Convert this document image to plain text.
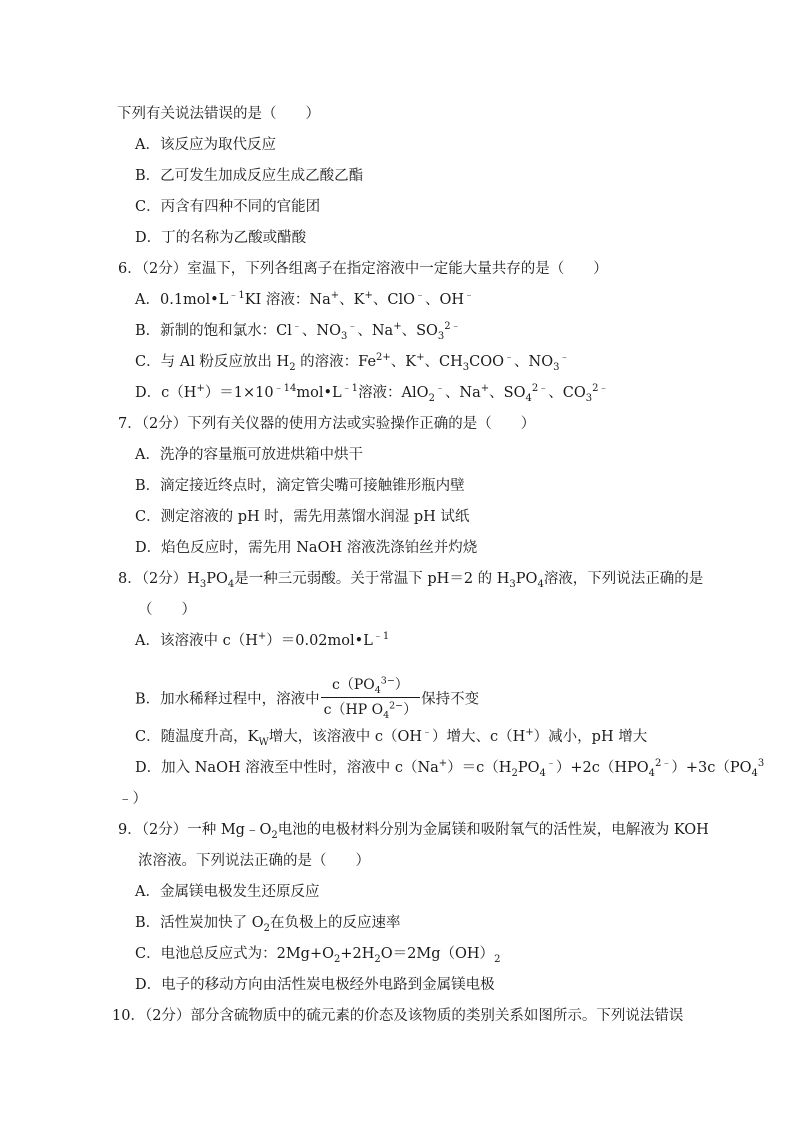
下列有关说法错误的是（　　）
A．该反应为取代反应
B．乙可发生加成反应生成乙酸乙酯
C．丙含有四种不同的官能团
D．丁的名称为乙酸或醋酸
6．（2分）室温下，下列各组离子在指定溶液中一定能大量共存的是（　　）
A．$0.1mol•L^{﹣1}KI$ 溶液：Na+、K+、ClO﹣、OH﹣
B．新制的饱和氯水：Cl﹣、$NO_3^﹣$、Na+、$SO_3^{2﹣}$
C．与 Al 粉反应放出 $H_2$ 的溶液：$Fe^{2+}$、K+、$CH_3COO^﹣$、$NO_3^﹣$
D．$c(H^+)=1\times 10^{﹣14}mol•L^{﹣1}$溶液：AlO$_2$﹣、Na+、$SO_4^{2﹣}$、$CO_3^{2﹣}$
7．（2分）下列有关仪器的使用方法或实验操作正确的是（　　）
A．洗净的容量瓶可放进烘箱中烘干
B．滴定接近终点时，滴定管尖嘴可接触锥形瓶内壁
C．测定溶液的 pH 时，需先用蒸馏水润湿 pH 试纸
D．焰色反应时，需先用 NaOH 溶液洗涤铂丝并灼烧
8．（2分）$H_3PO_4$是一种三元弱酸。关于常温下 pH＝2 的 $H_3PO_4$溶液，下列说法正确的是
（　　）
A．该溶液中 $c(H^+)=0.02mol•L^{﹣1}$
B．加水稀释过程中，溶液中 $\frac{c(PO_4^{3-})}{c(HP O_4^{2-})}$ 保持不变
C．随温度升高，$K_W$增大，该溶液中 c（OH﹣）增大、c（H+）减小，pH 增大
D．加入 NaOH 溶液至中性时，溶液中 $c(Na^+)=c(H_2PO_4^﹣)+2c(HPO_4^{2﹣})+3c(PO_4^3$
﹣）
9．（2分）一种 $Mg﹣O_2$电池的电极材料分别为金属镁和吸附氧气的活性炭，电解液为 KOH
浓溶液。下列说法正确的是（　　）
A．金属镁电极发生还原反应
B．活性炭加快了 $O_2$在负极上的反应速率
C．电池总反应式为：$2Mg+O_2+2H_2O=2Mg(OH)_2$
D．电子的移动方向由活性炭电极经外电路到金属镁电极
10．（2分）部分含硫物质中的硫元素的价态及该物质的类别关系如图所示。下列说法错误
